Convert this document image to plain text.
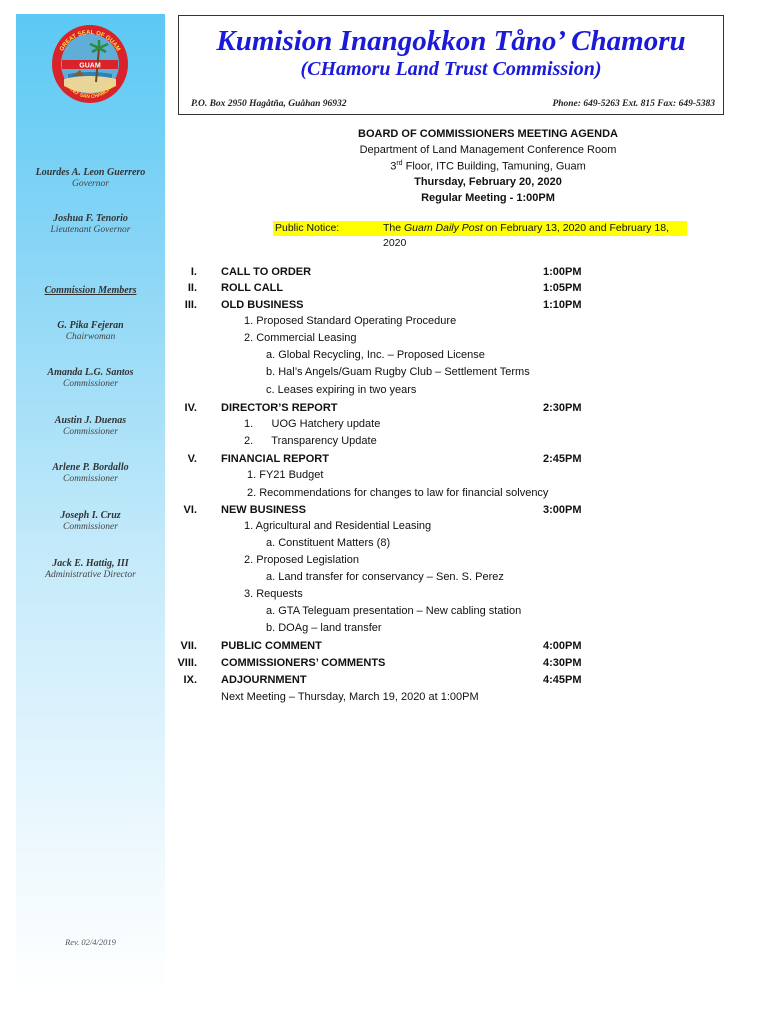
GREAT SEAL OF GUAM
GUAM
TANO' SAN CHAMORU
Lourdes A. Leon Guerrero
Governor
Joshua F. Tenorio
Lieutenant Governor
Commission Members
G. Pika Fejeran
Chairwoman
Amanda L.G. Santos
Commissioner
Austin J. Duenas
Commissioner
Arlene P. Bordallo
Commissioner
Joseph I. Cruz
Commissioner
Jack E. Hattig, III
Administrative Director
Rev. 02/4/2019
Kumision Inangokkon Tåno’ Chamoru
(CHamoru Land Trust Commission)
P.O. Box 2950 Hagåtña, Guåhan 96932	Phone: 649-5263 Ext. 815 Fax: 649-5383
BOARD OF COMMISSIONERS MEETING AGENDA
Department of Land Management Conference Room
3rd Floor, ITC Building, Tamuning, Guam
Thursday, February 20, 2020
Regular Meeting - 1:00PM
Public Notice:	The Guam Daily Post on February 13, 2020 and February 18, 2020
I. CALL TO ORDER	1:00PM
II. ROLL CALL	1:05PM
III. OLD BUSINESS	1:10PM
1. Proposed Standard Operating Procedure
2. Commercial Leasing
a. Global Recycling, Inc. – Proposed License
b. Hal’s Angels/Guam Rugby Club – Settlement Terms
c. Leases expiring in two years
IV. DIRECTOR’S REPORT	2:30PM
1.      UOG Hatchery update
2.      Transparency Update
V. FINANCIAL REPORT	2:45PM
1. FY21 Budget
2. Recommendations for changes to law for financial solvency
VI. NEW BUSINESS	3:00PM
1. Agricultural and Residential Leasing
a. Constituent Matters (8)
2. Proposed Legislation
a. Land transfer for conservancy – Sen. S. Perez
3. Requests
a. GTA Teleguam presentation – New cabling station
b. DOAg – land transfer
VII. PUBLIC COMMENT	4:00PM
VIII. COMMISSIONERS’ COMMENTS	4:30PM
IX. ADJOURNMENT	4:45PM
Next Meeting – Thursday, March 19, 2020 at 1:00PM
